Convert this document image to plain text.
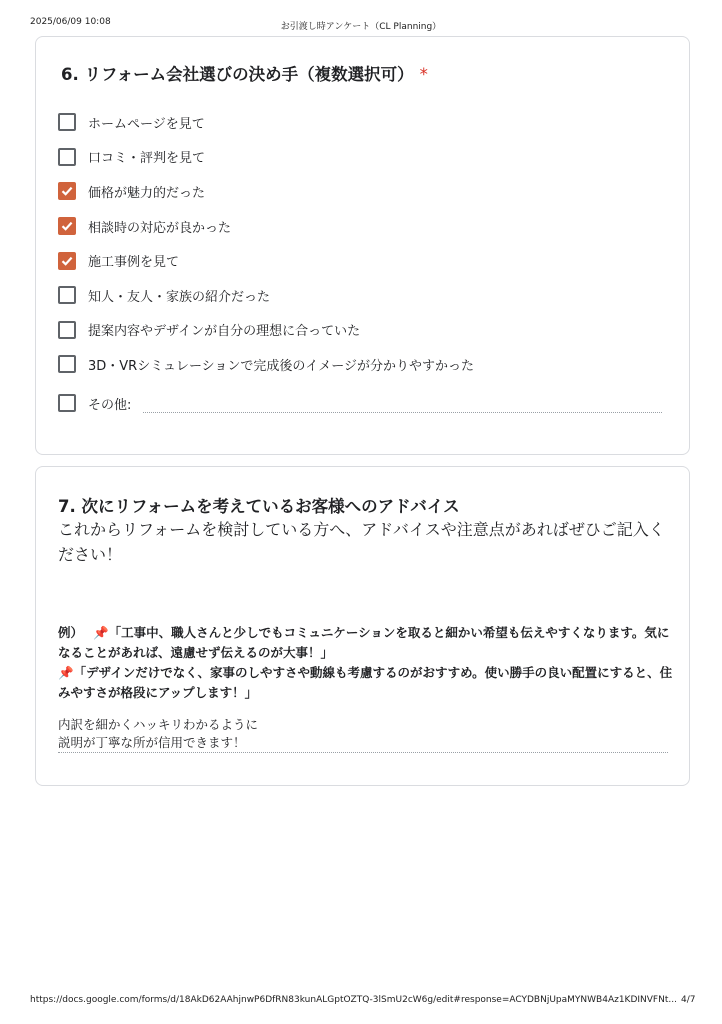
2025/06/09 10:08	お引渡し時アンケート（CL Planning）
6. リフォーム会社選びの決め手（複数選択可） *
ホームページを見て
口コミ・評判を見て
価格が魅力的だった
相談時の対応が良かった
施工事例を見て
知人・友人・家族の紹介だった
提案内容やデザインが自分の理想に合っていた
3D・VRシミュレーションで完成後のイメージが分かりやすかった
その他:
7. 次にリフォームを考えているお客様へのアドバイス
これからリフォームを検討している方へ、アドバイスや注意点があればぜひご記入ください！
例） 📌「工事中、職人さんと少しでもコミュニケーションを取ると細かい希望も伝えやすくなります。気になることがあれば、遠慮せず伝えるのが大事！」
📌「デザインだけでなく、家事のしやすさや動線も考慮するのがおすすめ。使い勝手の良い配置にすると、住みやすさが格段にアップします！」
内訳を細かくハッキリわかるように
説明が丁寧な所が信用できます！
https://docs.google.com/forms/d/18AkD62AAhjnwP6DfRN83kunALGptOZTQ-3lSmU2cW6g/edit#response=ACYDBNjUpaMYNWB4Az1KDINVFNt... 4/7
